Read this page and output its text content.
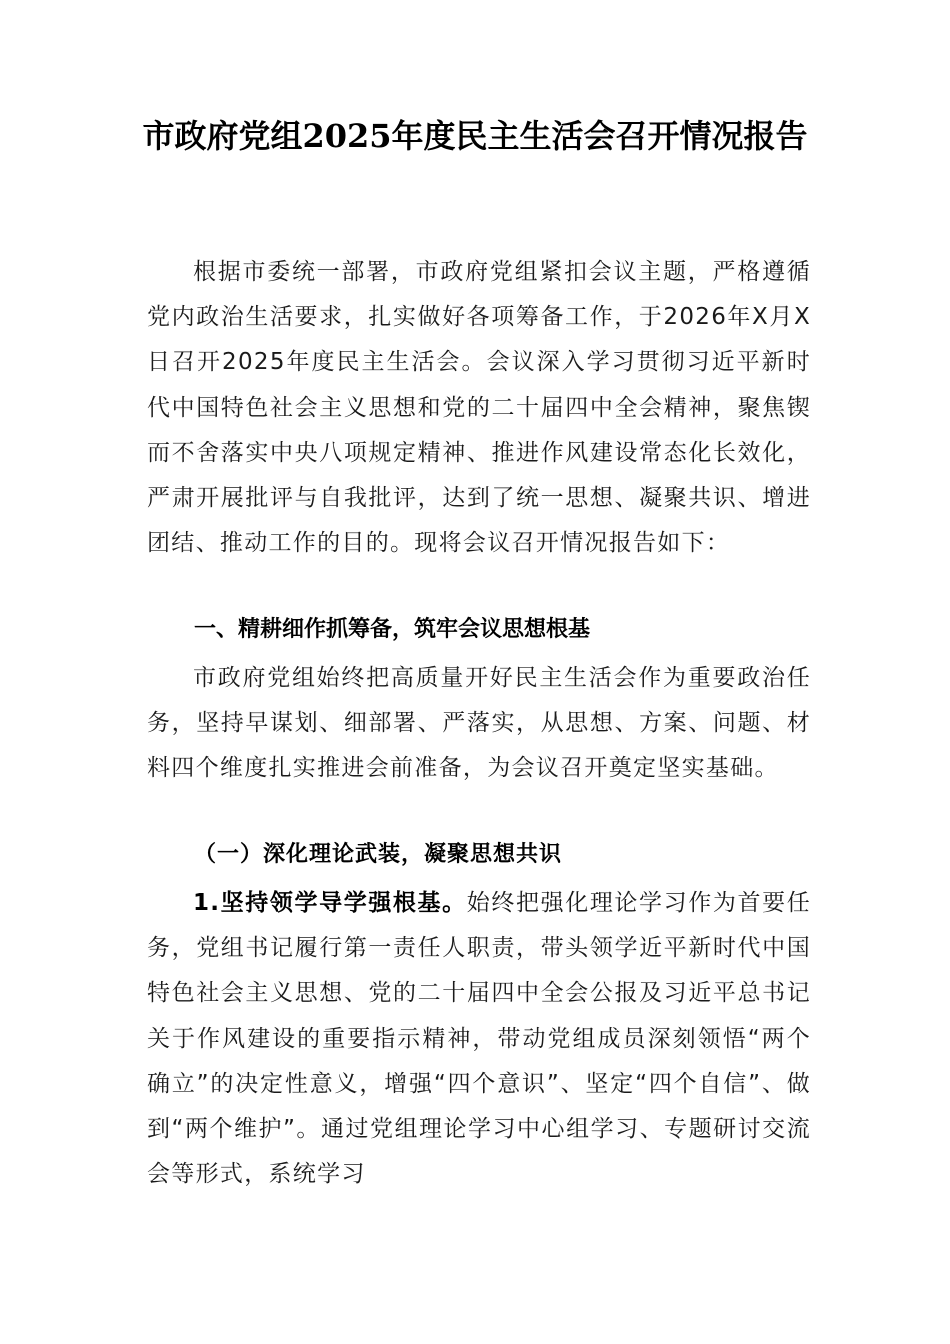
市政府党组2025年度民主生活会召开情况报告

根据市委统一部署，市政府党组紧扣会议主题，严格遵循党内政治生活要求，扎实做好各项筹备工作，于2026年X月X日召开2025年度民主生活会。会议深入学习贯彻习近平新时代中国特色社会主义思想和党的二十届四中全会精神，聚焦锲而不舍落实中央八项规定精神、推进作风建设常态化长效化，严肃开展批评与自我批评，达到了统一思想、凝聚共识、增进团结、推动工作的目的。现将会议召开情况报告如下：

一、精耕细作抓筹备，筑牢会议思想根基

市政府党组始终把高质量开好民主生活会作为重要政治任务，坚持早谋划、细部署、严落实，从思想、方案、问题、材料四个维度扎实推进会前准备，为会议召开奠定坚实基础。

（一）深化理论武装，凝聚思想共识

1.坚持领学导学强根基。始终把强化理论学习作为首要任务，党组书记履行第一责任人职责，带头领学近平新时代中国特色社会主义思想、党的二十届四中全会公报及习近平总书记关于作风建设的重要指示精神，带动党组成员深刻领悟“两个确立”的决定性意义，增强“四个意识”、坚定“四个自信”、做到“两个维护”。通过党组理论学习中心组学习、专题研讨交流会等形式，系统学习
